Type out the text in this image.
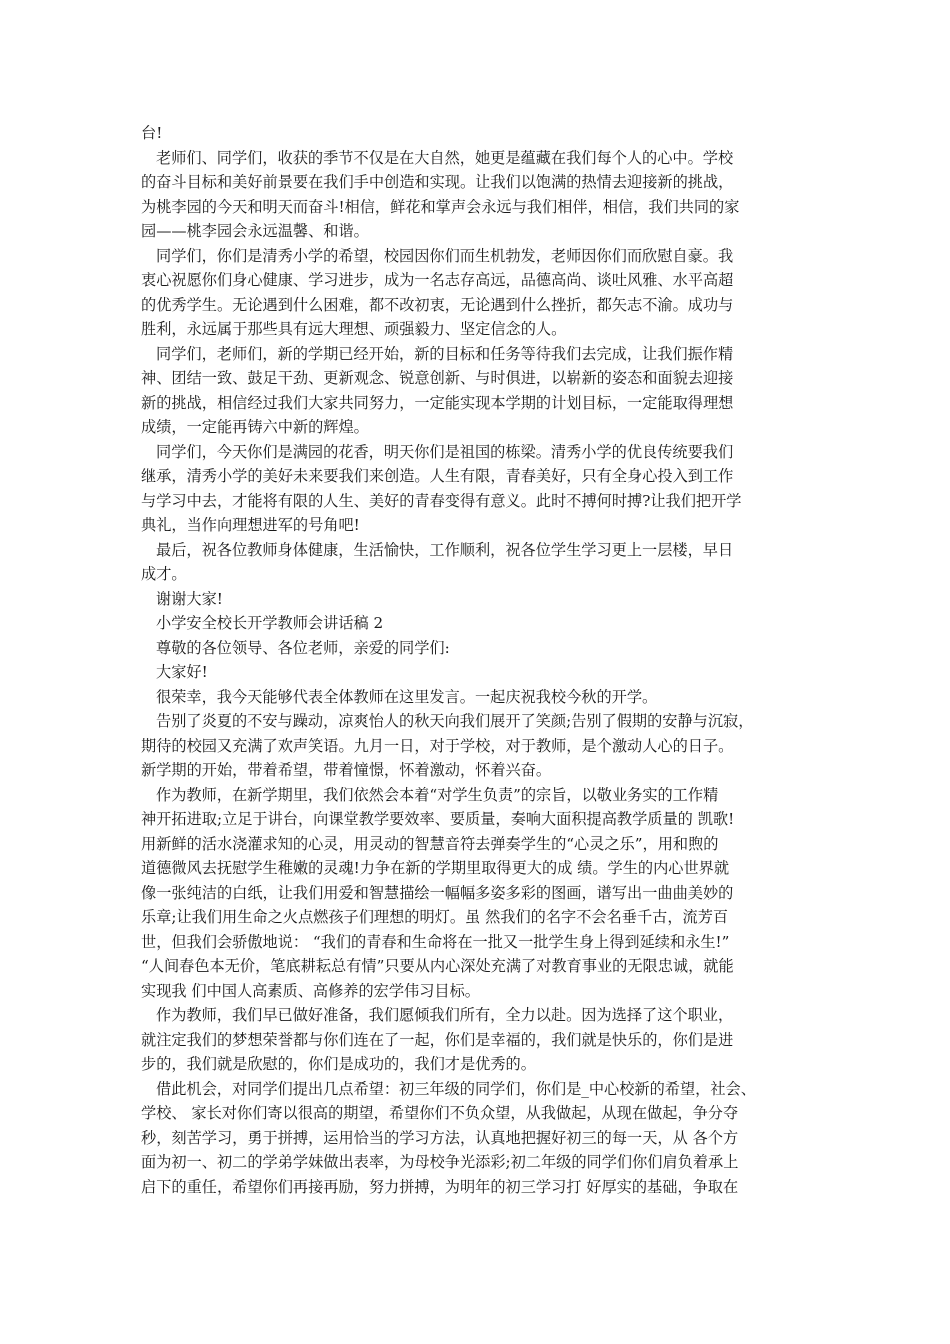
台!
老师们、同学们，收获的季节不仅是在大自然，她更是蕴藏在我们每个人的心中。学校
的奋斗目标和美好前景要在我们手中创造和实现。让我们以饱满的热情去迎接新的挑战，
为桃李园的今天和明天而奋斗!相信，鲜花和掌声会永远与我们相伴，相信，我们共同的家
园——桃李园会永远温馨、和谐。
同学们，你们是清秀小学的希望，校园因你们而生机勃发，老师因你们而欣慰自豪。我
衷心祝愿你们身心健康、学习进步，成为一名志存高远，品德高尚、谈吐风雅、水平高超
的优秀学生。无论遇到什么困难，都不改初衷，无论遇到什么挫折，都矢志不渝。成功与
胜利，永远属于那些具有远大理想、顽强毅力、坚定信念的人。
同学们，老师们，新的学期已经开始，新的目标和任务等待我们去完成，让我们振作精
神、团结一致、鼓足干劲、更新观念、锐意创新、与时俱进，以崭新的姿态和面貌去迎接
新的挑战，相信经过我们大家共同努力，一定能实现本学期的计划目标，一定能取得理想
成绩，一定能再铸六中新的辉煌。
同学们，今天你们是满园的花香，明天你们是祖国的栋梁。清秀小学的优良传统要我们
继承，清秀小学的美好未来要我们来创造。人生有限，青春美好，只有全身心投入到工作
与学习中去，才能将有限的人生、美好的青春变得有意义。此时不搏何时搏?让我们把开学
典礼，当作向理想进军的号角吧!
最后，祝各位教师身体健康，生活愉快，工作顺利，祝各位学生学习更上一层楼，早日
成才。
谢谢大家!
小学安全校长开学教师会讲话稿 2
尊敬的各位领导、各位老师，亲爱的同学们:
大家好!
很荣幸，我今天能够代表全体教师在这里发言。一起庆祝我校今秋的开学。
告别了炎夏的不安与躁动，凉爽怡人的秋天向我们展开了笑颜;告别了假期的安静与沉寂，
期待的校园又充满了欢声笑语。九月一日，对于学校，对于教师，是个激动人心的日子。
新学期的开始，带着希望，带着憧憬，怀着激动，怀着兴奋。
作为教师，在新学期里，我们依然会本着“对学生负责”的宗旨，以敬业务实的工作精
神开拓进取;立足于讲台，向课堂教学要效率、要质量，奏响大面积提高教学质量的 凯歌!
用新鲜的活水浇灌求知的心灵，用灵动的智慧音符去弹奏学生的“心灵之乐”，用和煦的
道德微风去抚慰学生稚嫩的灵魂!力争在新的学期里取得更大的成 绩。学生的内心世界就
像一张纯洁的白纸，让我们用爱和智慧描绘一幅幅多姿多彩的图画，谱写出一曲曲美妙的
乐章;让我们用生命之火点燃孩子们理想的明灯。虽 然我们的名字不会名垂千古，流芳百
世，但我们会骄傲地说： “我们的青春和生命将在一批又一批学生身上得到延续和永生!”
“人间春色本无价，笔底耕耘总有情”只要从内心深处充满了对教育事业的无限忠诚，就能
实现我 们中国人高素质、高修养的宏学伟习目标。
作为教师，我们早已做好准备，我们愿倾我们所有，全力以赴。因为选择了这个职业，
就注定我们的梦想荣誉都与你们连在了一起，你们是幸福的，我们就是快乐的，你们是进
步的，我们就是欣慰的，你们是成功的，我们才是优秀的。
借此机会，对同学们提出几点希望：初三年级的同学们，你们是_中心校新的希望，社会、
学校、 家长对你们寄以很高的期望，希望你们不负众望，从我做起，从现在做起，争分夺
秒，刻苦学习，勇于拼搏，运用恰当的学习方法，认真地把握好初三的每一天，从 各个方
面为初一、初二的学弟学妹做出表率，为母校争光添彩;初二年级的同学们你们肩负着承上
启下的重任，希望你们再接再励，努力拼搏，为明年的初三学习打 好厚实的基础，争取在
